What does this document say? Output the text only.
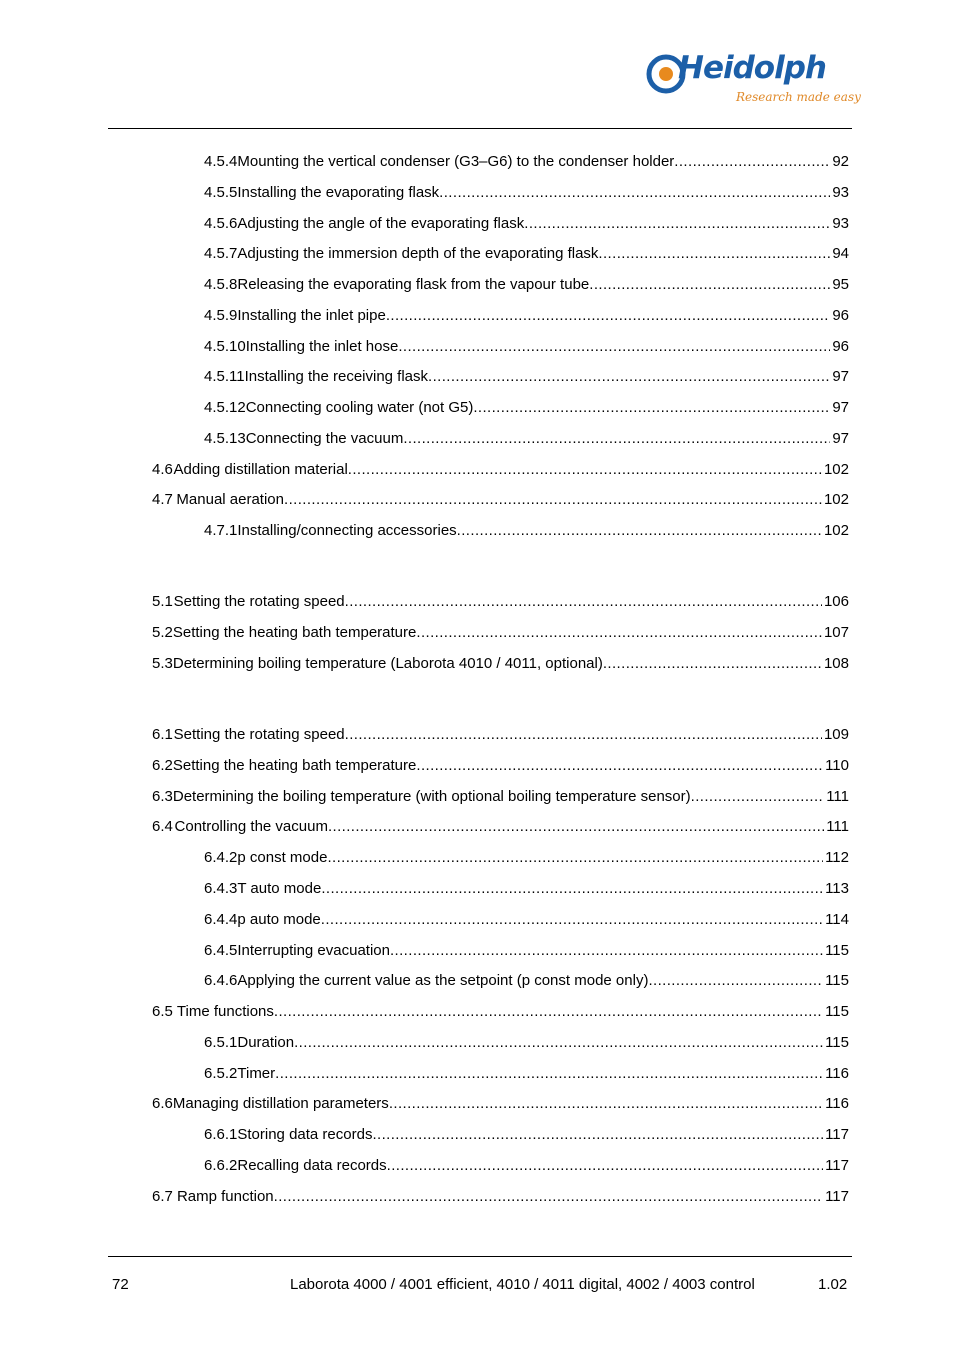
Heidolph
Research made easy
4.5.4 Mounting the vertical condenser (G3–G6) to the condenser holder .....	92
4.5.5 Installing the evaporating flask .....	93
4.5.6 Adjusting the angle of the evaporating flask .....	93
4.5.7 Adjusting the immersion depth of the evaporating flask .....	94
4.5.8 Releasing the evaporating flask from the vapour tube .....	95
4.5.9 Installing the inlet pipe .....	96
4.5.10 Installing the inlet hose .....	96
4.5.11 Installing the receiving flask .....	97
4.5.12 Connecting cooling water (not G5) .....	97
4.5.13 Connecting the vacuum .....	97
4.6 Adding distillation material .....	102
4.7 Manual aeration .....	102
4.7.1 Installing/connecting accessories .....	102
5.1 Setting the rotating speed .....	106
5.2 Setting the heating bath temperature .....	107
5.3 Determining boiling temperature (Laborota 4010 / 4011, optional) .....	108
6.1 Setting the rotating speed .....	109
6.2 Setting the heating bath temperature .....	110
6.3 Determining the boiling temperature (with optional boiling temperature sensor) .....	111
6.4 Controlling the vacuum .....	111
6.4.2 p const mode .....	112
6.4.3 T auto mode .....	113
6.4.4 p auto mode .....	114
6.4.5 Interrupting evacuation .....	115
6.4.6 Applying the current value as the setpoint (p const mode only) .....	115
6.5 Time functions .....	115
6.5.1 Duration .....	115
6.5.2 Timer .....	116
6.6 Managing distillation parameters .....	116
6.6.1 Storing data records .....	117
6.6.2 Recalling data records .....	117
6.7 Ramp function .....	117
72	Laborota 4000 / 4001 efficient, 4010 / 4011 digital, 4002 / 4003 control	1.02
